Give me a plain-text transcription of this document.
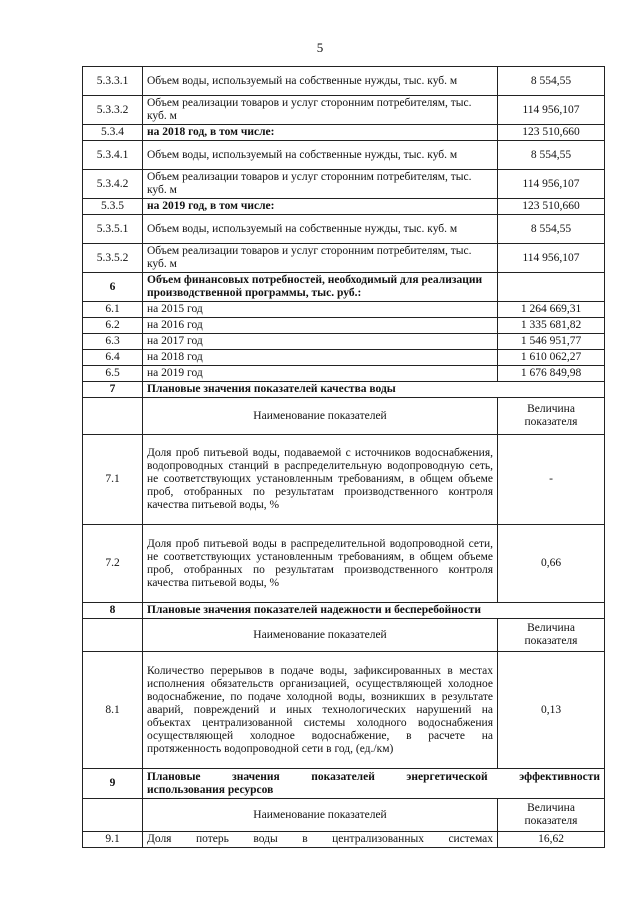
5
5.3.3.1	Объем воды, используемый на собственные нужды, тыс. куб. м	8 554,55
5.3.3.2	Объем реализации товаров и услуг сторонним потребителям, тыс. куб. м	114 956,107
5.3.4	на 2018 год, в том числе:	123 510,660
5.3.4.1	Объем воды, используемый на собственные нужды, тыс. куб. м	8 554,55
5.3.4.2	Объем реализации товаров и услуг сторонним потребителям, тыс. куб. м	114 956,107
5.3.5	на 2019 год, в том числе:	123 510,660
5.3.5.1	Объем воды, используемый на собственные нужды, тыс. куб. м	8 554,55
5.3.5.2	Объем реализации товаров и услуг сторонним потребителям, тыс. куб. м	114 956,107
6	Объем финансовых потребностей, необходимый для реализации производственной программы, тыс. руб.:	
6.1	на 2015 год	1 264 669,31
6.2	на 2016 год	1 335 681,82
6.3	на 2017 год	1 546 951,77
6.4	на 2018 год	1 610 062,27
6.5	на 2019 год	1 676 849,98
7	Плановые значения показателей качества воды	
	Наименование показателей	Величина показателя
7.1	Доля проб питьевой воды, подаваемой с источников водоснабжения, водопроводных станций в распределительную водопроводную сеть, не соответствующих установленным требованиям, в общем объеме проб, отобранных по результатам производственного контроля качества питьевой воды, %	-
7.2	Доля проб питьевой воды в распределительной водопроводной сети, не соответствующих установленным требованиям, в общем объеме проб, отобранных по результатам производственного контроля качества питьевой воды, %	0,66
8	Плановые значения показателей надежности и бесперебойности	
	Наименование показателей	Величина показателя
8.1	Количество перерывов в подаче воды, зафиксированных в местах исполнения обязательств организацией, осуществляющей холодное водоснабжение, по подаче холодной воды, возникших в результате аварий, повреждений и иных технологических нарушений на объектах централизованной системы холодного водоснабжения осуществляющей холодное водоснабжение, в расчете на протяженность водопроводной сети в год, (ед./км)	0,13
9	Плановые значения показателей энергетической эффективности
использования ресурсов	

	Наименование показателей	Величина показателя
9.1	Доля потерь воды в централизованных системах	16,62
